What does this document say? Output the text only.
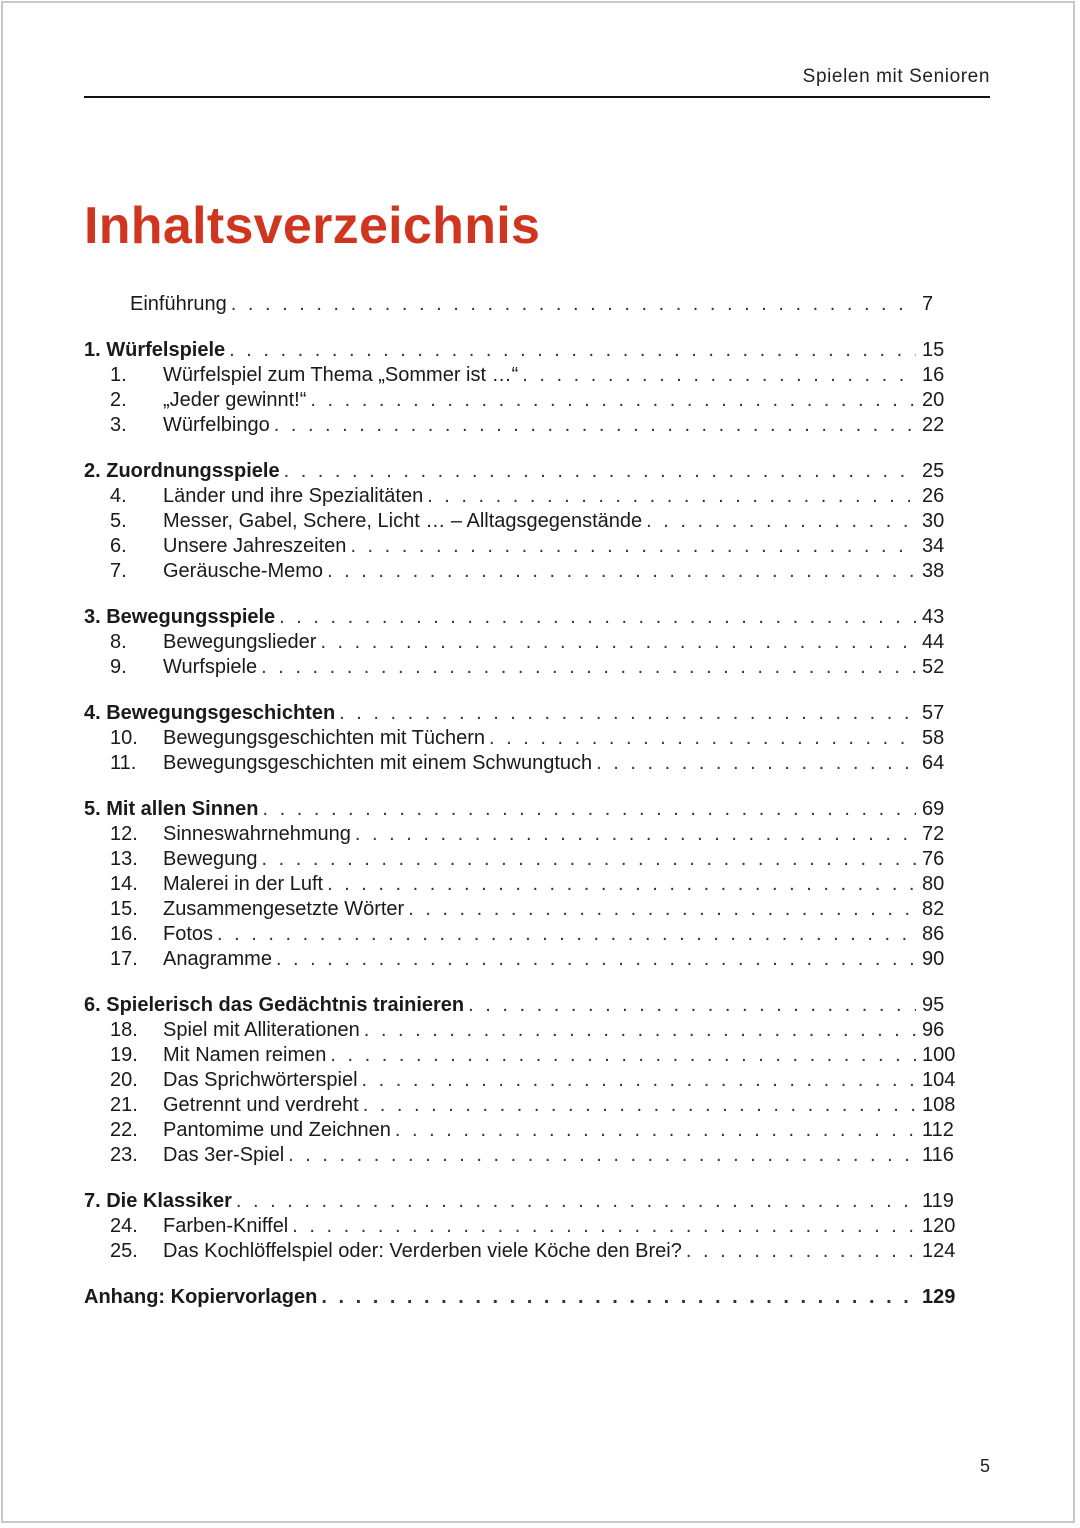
Spielen mit Senioren
Inhaltsverzeichnis
Einführung . . .	7
1. Würfelspiele . . .	15
1.	Würfelspiel zum Thema „Sommer ist …“ . . .	16
2.	„Jeder gewinnt!“ . . .	20
3.	Würfelbingo . . .	22
2. Zuordnungsspiele . . .	25
4.	Länder und ihre Spezialitäten . . .	26
5.	Messer, Gabel, Schere, Licht … – Alltagsgegenstände . . .	30
6.	Unsere Jahreszeiten . . .	34
7.	Geräusche-Memo . . .	38
3. Bewegungsspiele . . .	43
8.	Bewegungslieder . . .	44
9.	Wurfspiele . . .	52
4. Bewegungsgeschichten . . .	57
10. Bewegungsgeschichten mit Tüchern . . .	58
11. Bewegungsgeschichten mit einem Schwungtuch . . .	64
5. Mit allen Sinnen . . .	69
12. Sinneswahrnehmung . . .	72
13. Bewegung . . .	76
14. Malerei in der Luft . . .	80
15. Zusammengesetzte Wörter . . .	82
16. Fotos . . .	86
17. Anagramme . . .	90
6. Spielerisch das Gedächtnis trainieren . . .	95
18. Spiel mit Alliterationen . . .	96
19. Mit Namen reimen . . .	100
20. Das Sprichwörterspiel . . .	104
21. Getrennt und verdreht . . .	108
22. Pantomime und Zeichnen . . .	112
23. Das 3er-Spiel . . .	116
7. Die Klassiker . . .	119
24. Farben-Kniffel . . .	120
25. Das Kochlöffelspiel oder: Verderben viele Köche den Brei? . . .	124
Anhang: Kopiervorlagen . . .	129
5
